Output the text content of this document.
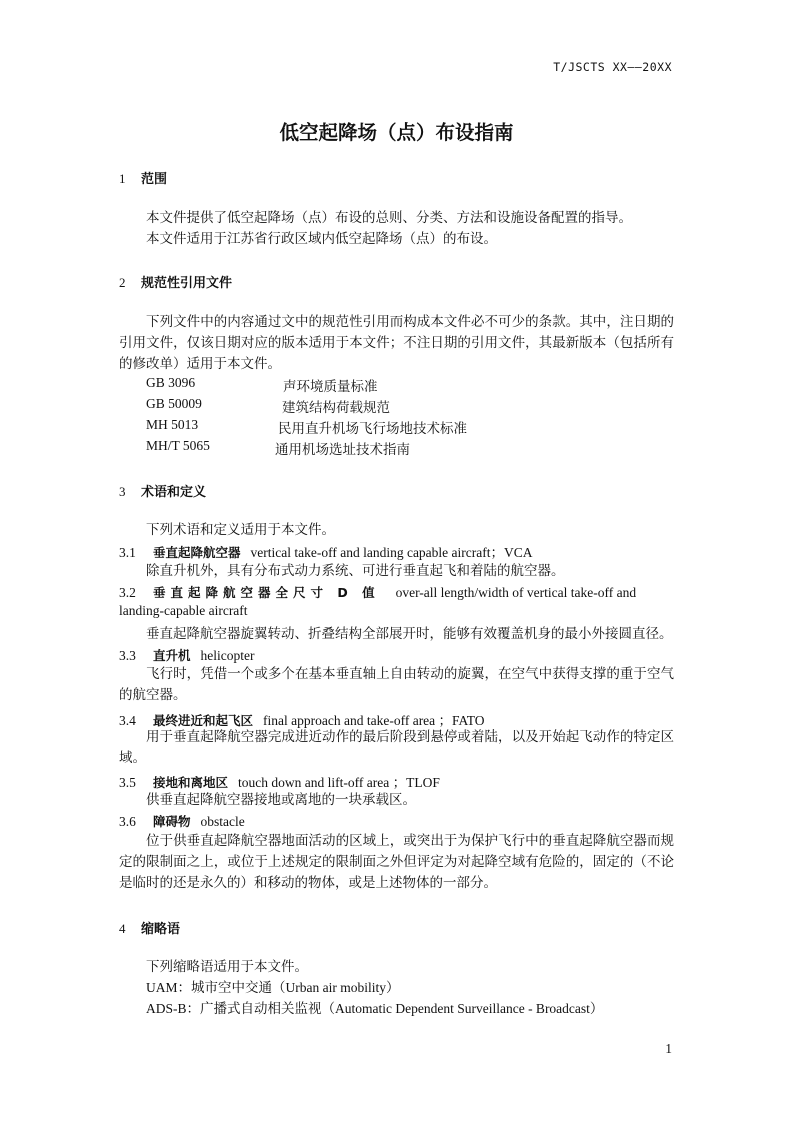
T/JSCTS XX——20XX
低空起降场（点）布设指南
1 范围
本文件提供了低空起降场（点）布设的总则、分类、方法和设施设备配置的指导。
本文件适用于江苏省行政区域内低空起降场（点）的布设。
2 规范性引用文件
下列文件中的内容通过文中的规范性引用而构成本文件必不可少的条款。其中，注日期的引用文件，仅该日期对应的版本适用于本文件；不注日期的引用文件，其最新版本（包括所有的修改单）适用于本文件。
GB 3096	声环境质量标准
GB 50009	建筑结构荷载规范
MH 5013	民用直升机场飞行场地技术标准
MH/T 5065	通用机场选址技术指南
3 术语和定义
下列术语和定义适用于本文件。
3.1 垂直起降航空器 vertical take-off and landing capable aircraft；VCA
除直升机外，具有分布式动力系统、可进行垂直起飞和着陆的航空器。
3.2 垂直起降航空器全尺寸 D 值 over-all length/width of vertical take-off and
landing-capable aircraft
垂直起降航空器旋翼转动、折叠结构全部展开时，能够有效覆盖机身的最小外接圆直径。
3.3 直升机 helicopter
飞行时，凭借一个或多个在基本垂直轴上自由转动的旋翼，在空气中获得支撑的重于空气的航空器。
3.4 最终进近和起飞区 final approach and take-off area ；FATO
用于垂直起降航空器完成进近动作的最后阶段到悬停或着陆，以及开始起飞动作的特定区域。
3.5 接地和离地区 touch down and lift-off area ；TLOF
供垂直起降航空器接地或离地的一块承载区。
3.6 障碍物 obstacle
位于供垂直起降航空器地面活动的区域上，或突出于为保护飞行中的垂直起降航空器而规定的限制面之上，或位于上述规定的限制面之外但评定为对起降空域有危险的，固定的（不论是临时的还是永久的）和移动的物体，或是上述物体的一部分。
4 缩略语
下列缩略语适用于本文件。
UAM：城市空中交通（Urban air mobility）
ADS-B：广播式自动相关监视（Automatic Dependent Surveillance - Broadcast）
1
